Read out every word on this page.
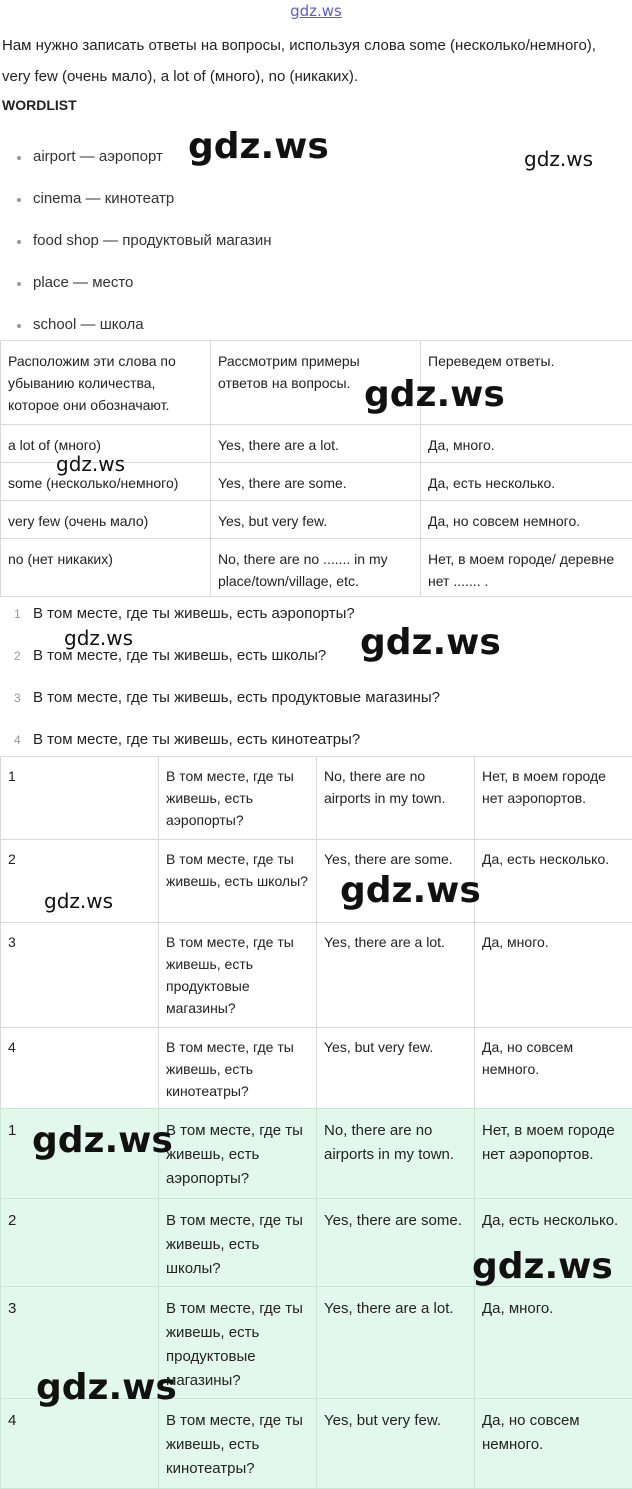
gdz.ws
Нам нужно записать ответы на вопросы, используя слова some (несколько/немного), very few (очень мало), a lot of (много), no (никаких).
WORDLIST
airport — аэропорт
cinema — кинотеатр
food shop — продуктовый магазин
place — место
school — школа
Расположим эти слова по убыванию количества, которое они обозначают.	Рассмотрим примеры ответов на вопросы.	Переведем ответы.
a lot of (много)	Yes, there are a lot.	Да, много.
some (несколько/немного)	Yes, there are some.	Да, есть несколько.
very few (очень мало)	Yes, but very few.	Да, но совсем немного.
no (нет никаких)	No, there are no ....... in my place/town/village, etc.	Нет, в моем городе/ деревне нет ....... .
1 В том месте, где ты живешь, есть аэропорты?
2 В том месте, где ты живешь, есть школы?
3 В том месте, где ты живешь, есть продуктовые магазины?
4 В том месте, где ты живешь, есть кинотеатры?
1	В том месте, где ты живешь, есть аэропорты?	No, there are no airports in my town.	Нет, в моем городе нет аэропортов.
2	В том месте, где ты живешь, есть школы?	Yes, there are some.	Да, есть несколько.
3	В том месте, где ты живешь, есть продуктовые магазины?	Yes, there are a lot.	Да, много.
4	В том месте, где ты живешь, есть кинотеатры?	Yes, but very few.	Да, но совсем немного.
1	В том месте, где ты живешь, есть аэропорты?	No, there are no airports in my town.	Нет, в моем городе нет аэропортов.
2	В том месте, где ты живешь, есть школы?	Yes, there are some.	Да, есть несколько.
3	В том месте, где ты живешь, есть продуктовые магазины?	Yes, there are a lot.	Да, много.
4	В том месте, где ты живешь, есть кинотеатры?	Yes, but very few.	Да, но совсем немного.
gdz.ws	gdz.ws
gdz.ws
gdz.ws
gdz.ws	gdz.ws
gdz.ws
gdz.ws
gdz.ws
gdz.ws
gdz.ws
